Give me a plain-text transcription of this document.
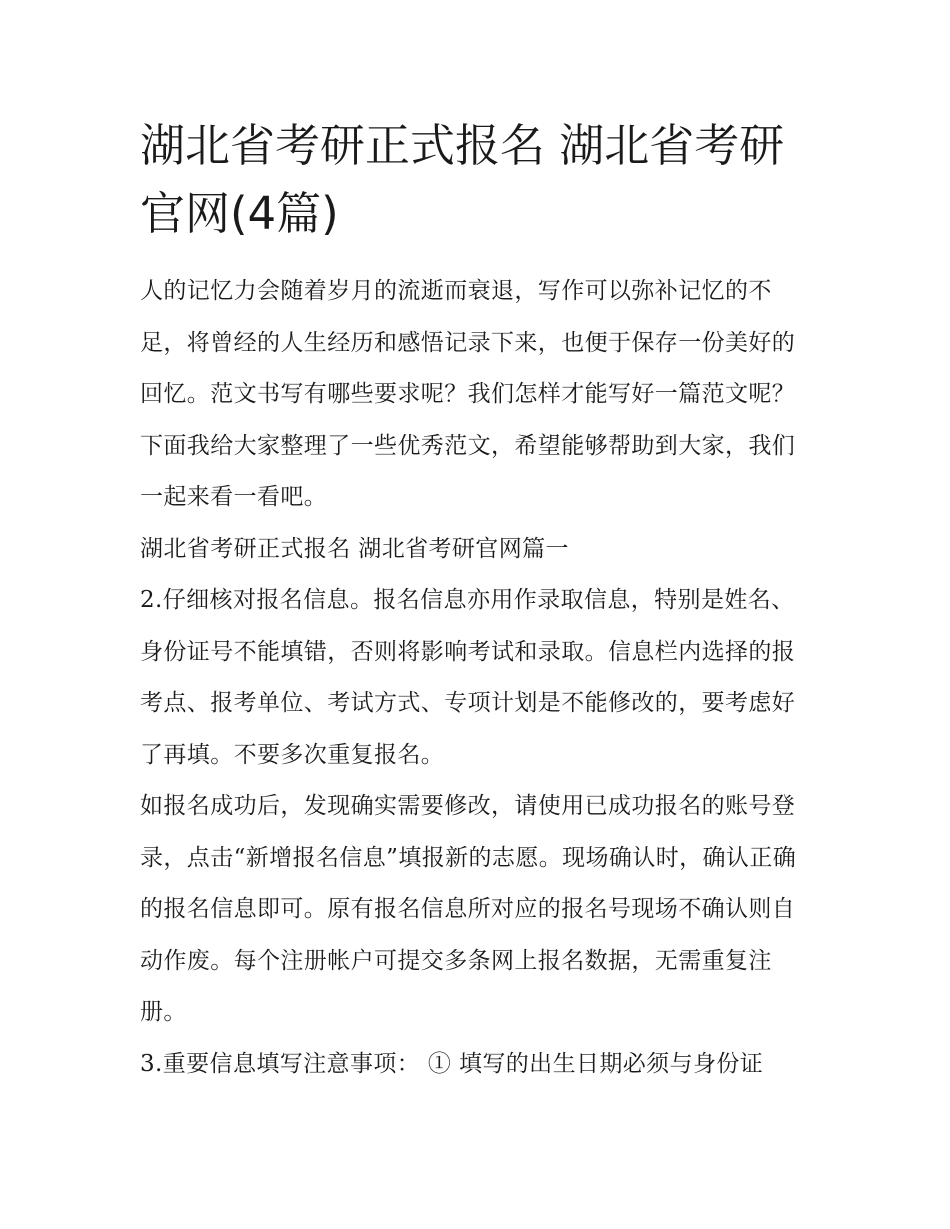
湖北省考研正式报名 湖北省考研官网(4篇)

人的记忆力会随着岁月的流逝而衰退，写作可以弥补记忆的不足，将曾经的人生经历和感悟记录下来，也便于保存一份美好的回忆。范文书写有哪些要求呢？我们怎样才能写好一篇范文呢？下面我给大家整理了一些优秀范文，希望能够帮助到大家，我们一起来看一看吧。

湖北省考研正式报名 湖北省考研官网篇一

2.仔细核对报名信息。报名信息亦用作录取信息，特别是姓名、身份证号不能填错，否则将影响考试和录取。信息栏内选择的报考点、报考单位、考试方式、专项计划是不能修改的，要考虑好了再填。不要多次重复报名。

如报名成功后，发现确实需要修改，请使用已成功报名的账号登录，点击“新增报名信息”填报新的志愿。现场确认时，确认正确的报名信息即可。原有报名信息所对应的报名号现场不确认则自动作废。每个注册帐户可提交多条网上报名数据，无需重复注册。

3.重要信息填写注意事项： ① 填写的出生日期必须与身份证
